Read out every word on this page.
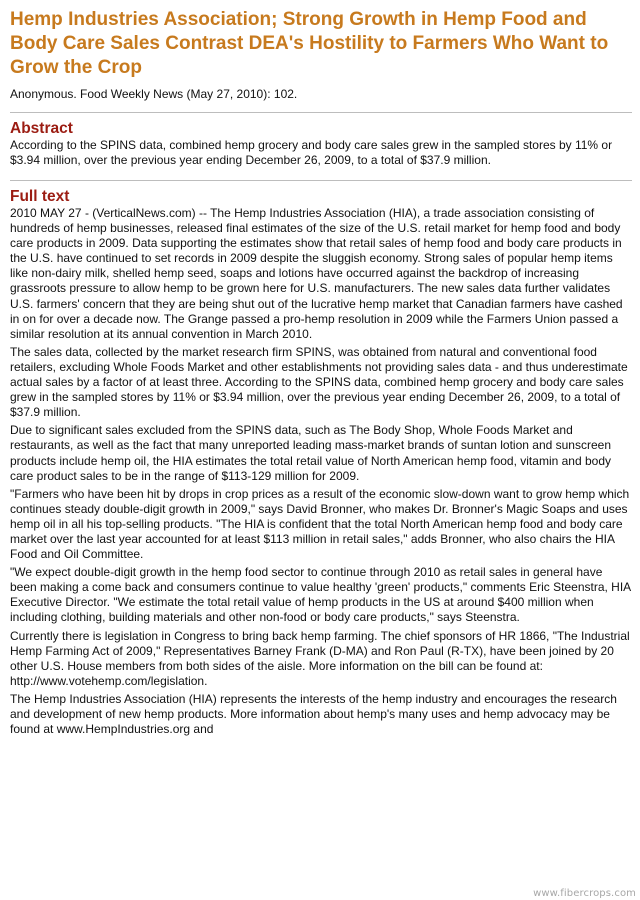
Hemp Industries Association; Strong Growth in Hemp Food and Body Care Sales Contrast DEA's Hostility to Farmers Who Want to Grow the Crop
Anonymous. Food Weekly News (May 27, 2010): 102.
Abstract

According to the SPINS data, combined hemp grocery and body care sales grew in the sampled stores by 11% or $3.94 million, over the previous year ending December 26, 2009, to a total of $37.9 million.

Full text

2010 MAY 27 - (VerticalNews.com) -- The Hemp Industries Association (HIA), a trade association consisting of hundreds of hemp businesses, released final estimates of the size of the U.S. retail market for hemp food and body care products in 2009. Data supporting the estimates show that retail sales of hemp food and body care products in the U.S. have continued to set records in 2009 despite the sluggish economy. Strong sales of popular hemp items like non-dairy milk, shelled hemp seed, soaps and lotions have occurred against the backdrop of increasing grassroots pressure to allow hemp to be grown here for U.S. manufacturers. The new sales data further validates U.S. farmers' concern that they are being shut out of the lucrative hemp market that Canadian farmers have cashed in on for over a decade now. The Grange passed a pro-hemp resolution in 2009 while the Farmers Union passed a similar resolution at its annual convention in March 2010.

The sales data, collected by the market research firm SPINS, was obtained from natural and conventional food retailers, excluding Whole Foods Market and other establishments not providing sales data - and thus underestimate actual sales by a factor of at least three. According to the SPINS data, combined hemp grocery and body care sales grew in the sampled stores by 11% or $3.94 million, over the previous year ending December 26, 2009, to a total of $37.9 million.

Due to significant sales excluded from the SPINS data, such as The Body Shop, Whole Foods Market and restaurants, as well as the fact that many unreported leading mass-market brands of suntan lotion and sunscreen products include hemp oil, the HIA estimates the total retail value of North American hemp food, vitamin and body care product sales to be in the range of $113-129 million for 2009.

"Farmers who have been hit by drops in crop prices as a result of the economic slow-down want to grow hemp which continues steady double-digit growth in 2009," says David Bronner, who makes Dr. Bronner's Magic Soaps and uses hemp oil in all his top-selling products. "The HIA is confident that the total North American hemp food and body care market over the last year accounted for at least $113 million in retail sales," adds Bronner, who also chairs the HIA Food and Oil Committee.

"We expect double-digit growth in the hemp food sector to continue through 2010 as retail sales in general have been making a come back and consumers continue to value healthy 'green' products," comments Eric Steenstra, HIA Executive Director. "We estimate the total retail value of hemp products in the US at around $400 million when including clothing, building materials and other non-food or body care products," says Steenstra.

Currently there is legislation in Congress to bring back hemp farming. The chief sponsors of HR 1866, "The Industrial Hemp Farming Act of 2009," Representatives Barney Frank (D-MA) and Ron Paul (R-TX), have been joined by 20 other U.S. House members from both sides of the aisle. More information on the bill can be found at: http://www.votehemp.com/legislation.

The Hemp Industries Association (HIA) represents the interests of the hemp industry and encourages the research and development of new hemp products. More information about hemp's many uses and hemp advocacy may be found at www.HempIndustries.org and

www.fibercrops.com
